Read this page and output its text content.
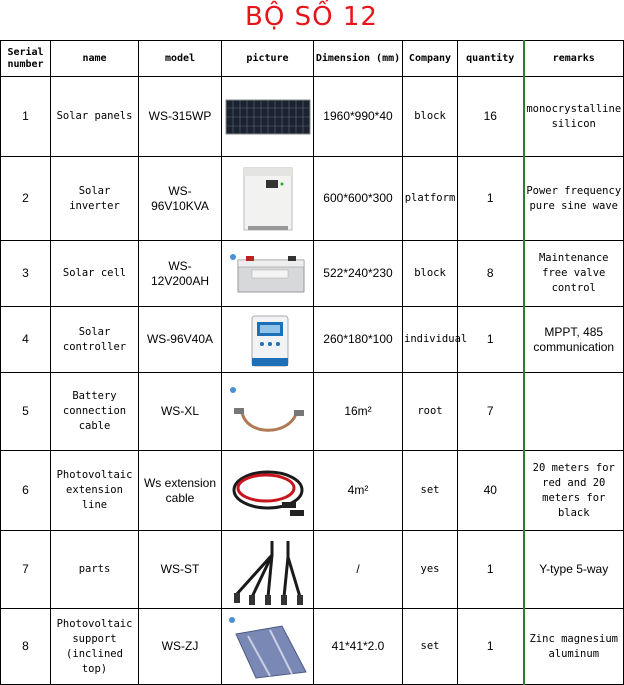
BỘ SỐ 12
Serial number	name	model	picture	Dimension (mm)	Company	quantity	remarks
1	Solar panels	WS-315WP		1960*990*40	block	16	monocrystalline silicon
2	Solar inverter	WS-96V10KVA		600*600*300	platform	1	Power frequency pure sine wave
3	Solar cell	WS-12V200AH		522*240*230	block	8	Maintenance free valve control
4	Solar controller	WS-96V40A		260*180*100	individual	1	MPPT, 485 communication
5	Battery connection cable	WS-XL		16m²	root	7	
6	Photovoltaic extension line	Ws extension cable		4m²	set	40	20 meters for red and 20 meters for black
7	parts	WS-ST		/	yes	1	Y-type 5-way
8	Photovoltaic support (inclined top)	WS-ZJ		41*41*2.0	set	1	Zinc magnesium aluminum
